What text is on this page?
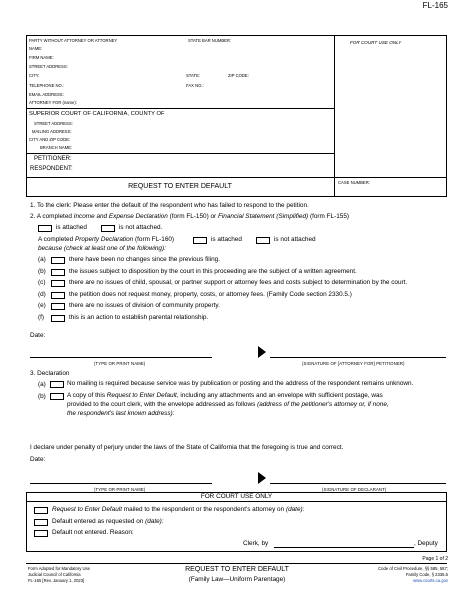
FL-165
PARTY WITHOUT ATTORNEY OR ATTORNEY	STATE BAR NUMBER:	FOR COURT USE ONLY
NAME:
FIRM NAME:
STREET ADDRESS:
CITY:	STATE:	ZIP CODE:
TELEPHONE NO.:	FAX NO.:
EMAIL ADDRESS:
ATTORNEY FOR (name):
SUPERIOR COURT OF CALIFORNIA, COUNTY OF
STREET ADDRESS:
MAILING ADDRESS:
CITY AND ZIP CODE:
BRANCH NAME:
PETITIONER:
RESPONDENT:
REQUEST TO ENTER DEFAULT
CASE NUMBER:
1. To the clerk: Please enter the default of the respondent who has failed to respond to the petition.
2. A completed Income and Expense Declaration (form FL-150) or Financial Statement (Simplified) (form FL-155)
is attached	is not attached.
A completed Property Declaration (form FL-160)	is attached	is not attached
because (check at least one of the following):
(a)	there have been no changes since the previous filing.
(b)	the issues subject to disposition by the court in this proceeding are the subject of a written agreement.
(c)	there are no issues of child, spousal, or partner support or attorney fees and costs subject to determination by the court.
(d)	the petition does not request money, property, costs, or attorney fees. (Family Code section 2330.5.)
(e)	there are no issues of division of community property.
(f)	this is an action to establish parental relationship.
Date:
(TYPE OR PRINT NAME)	(SIGNATURE OF [ATTORNEY FOR] PETITIONER)
3. Declaration
(a)	No mailing is required because service was by publication or posting and the address of the respondent remains unknown.
(b)	A copy of this Request to Enter Default, including any attachments and an envelope with sufficient postage, was
provided to the court clerk, with the envelope addressed as follows (address of the petitioner's attorney or, if none,
the respondent's last known address):
I declare under penalty of perjury under the laws of the State of California that the foregoing is true and correct.
Date:
(TYPE OR PRINT NAME)	(SIGNATURE OF DECLARANT)
FOR COURT USE ONLY
Request to Enter Default mailed to the respondent or the respondent's attorney on (date):
Default entered as requested on (date):
Default not entered. Reason:
Clerk, by	, Deputy
Page 1 of 2
Form Adopted for Mandatory Use
Judicial Council of California
FL-165 [Rev. January 1, 2023]
REQUEST TO ENTER DEFAULT
(Family Law—Uniform Parentage)
Code of Civil Procedure, §§ 585, 587;
Family Code, § 2335.5
www.courts.ca.gov
